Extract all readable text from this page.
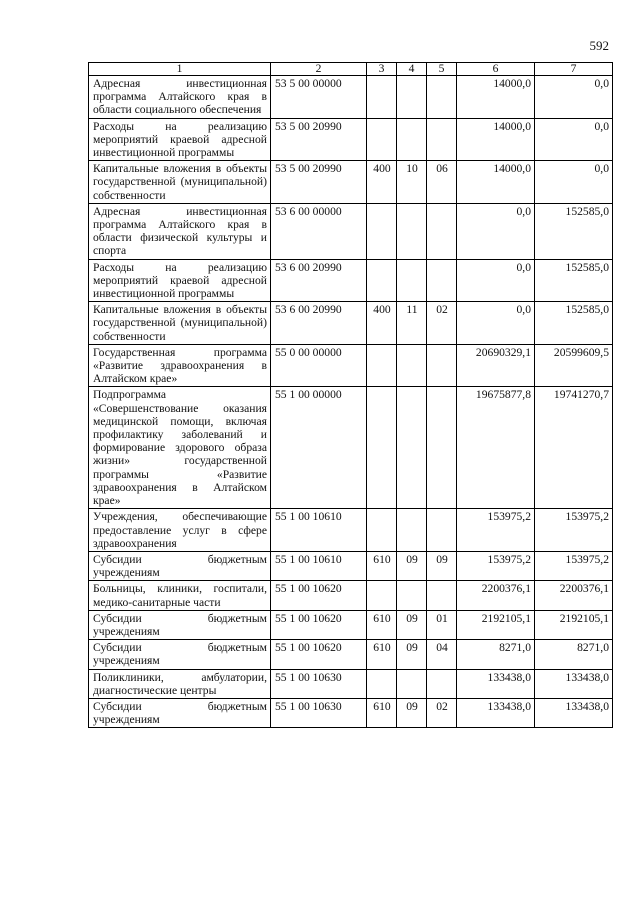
592
1	2	3	4	5	6	7
Адресная инвестиционная программа Алтайского края в области социального обеспечения	53 5 00 00000				14000,0	0,0
Расходы на реализацию мероприятий краевой адресной инвестиционной программы	53 5 00 20990				14000,0	0,0
Капитальные вложения в объекты государственной (муниципальной) собственности	53 5 00 20990	400	10	06	14000,0	0,0
Адресная инвестиционная программа Алтайского края в области физической культуры и спорта	53 6 00 00000				0,0	152585,0
Расходы на реализацию мероприятий краевой адресной инвестиционной программы	53 6 00 20990				0,0	152585,0
Капитальные вложения в объекты государственной (муниципальной) собственности	53 6 00 20990	400	11	02	0,0	152585,0
Государственная программа «Развитие здравоохранения в Алтайском крае»	55 0 00 00000				20690329,1	20599609,5
Подпрограмма «Совершенствование оказания медицинской помощи, включая профилактику заболеваний и формирование здорового образа жизни» государственной программы «Развитие здравоохранения в Алтайском крае»	55 1 00 00000				19675877,8	19741270,7
Учреждения, обеспечивающие предоставление услуг в сфере здравоохранения	55 1 00 10610				153975,2	153975,2
Субсидии бюджетным учреждениям	55 1 00 10610	610	09	09	153975,2	153975,2
Больницы, клиники, госпитали, медико-санитарные части	55 1 00 10620				2200376,1	2200376,1
Субсидии бюджетным учреждениям	55 1 00 10620	610	09	01	2192105,1	2192105,1
Субсидии бюджетным учреждениям	55 1 00 10620	610	09	04	8271,0	8271,0
Поликлиники, амбулатории, диагностические центры	55 1 00 10630				133438,0	133438,0
Субсидии бюджетным учреждениям	55 1 00 10630	610	09	02	133438,0	133438,0
